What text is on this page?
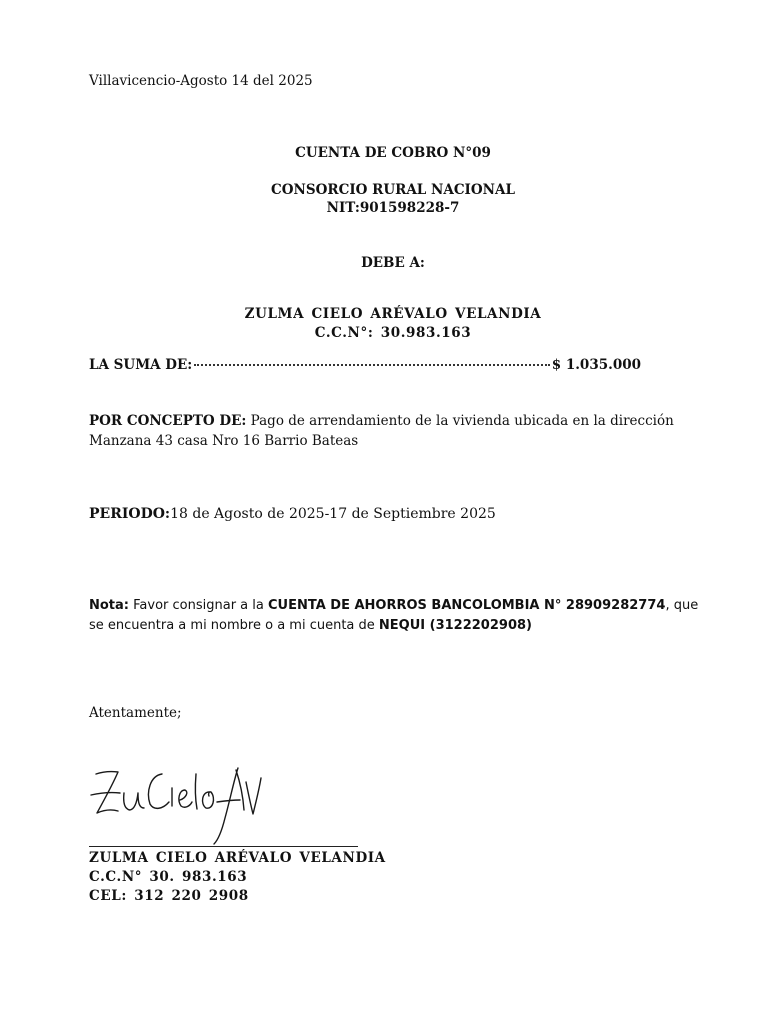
Villavicencio-Agosto 14 del 2025
CUENTA DE COBRO N°09
CONSORCIO RURAL NACIONAL
NIT:901598228-7
DEBE A:
ZULMA CIELO ARÉVALO VELANDIA
C.C.N°: 30.983.163
LA SUMA DE:	$ 1.035.000
POR CONCEPTO DE: Pago de arrendamiento de la vivienda ubicada en la dirección Manzana 43 casa Nro 16 Barrio Bateas
PERIODO:18 de Agosto de 2025-17 de Septiembre 2025
Nota: Favor consignar a la CUENTA DE AHORROS BANCOLOMBIA N° 28909282774, que se encuentra a mi nombre o a mi cuenta de NEQUI (3122202908)
Atentamente;
ZULMA CIELO ARÉVALO VELANDIA
C.C.N° 30. 983.163
CEL: 312 220 2908
